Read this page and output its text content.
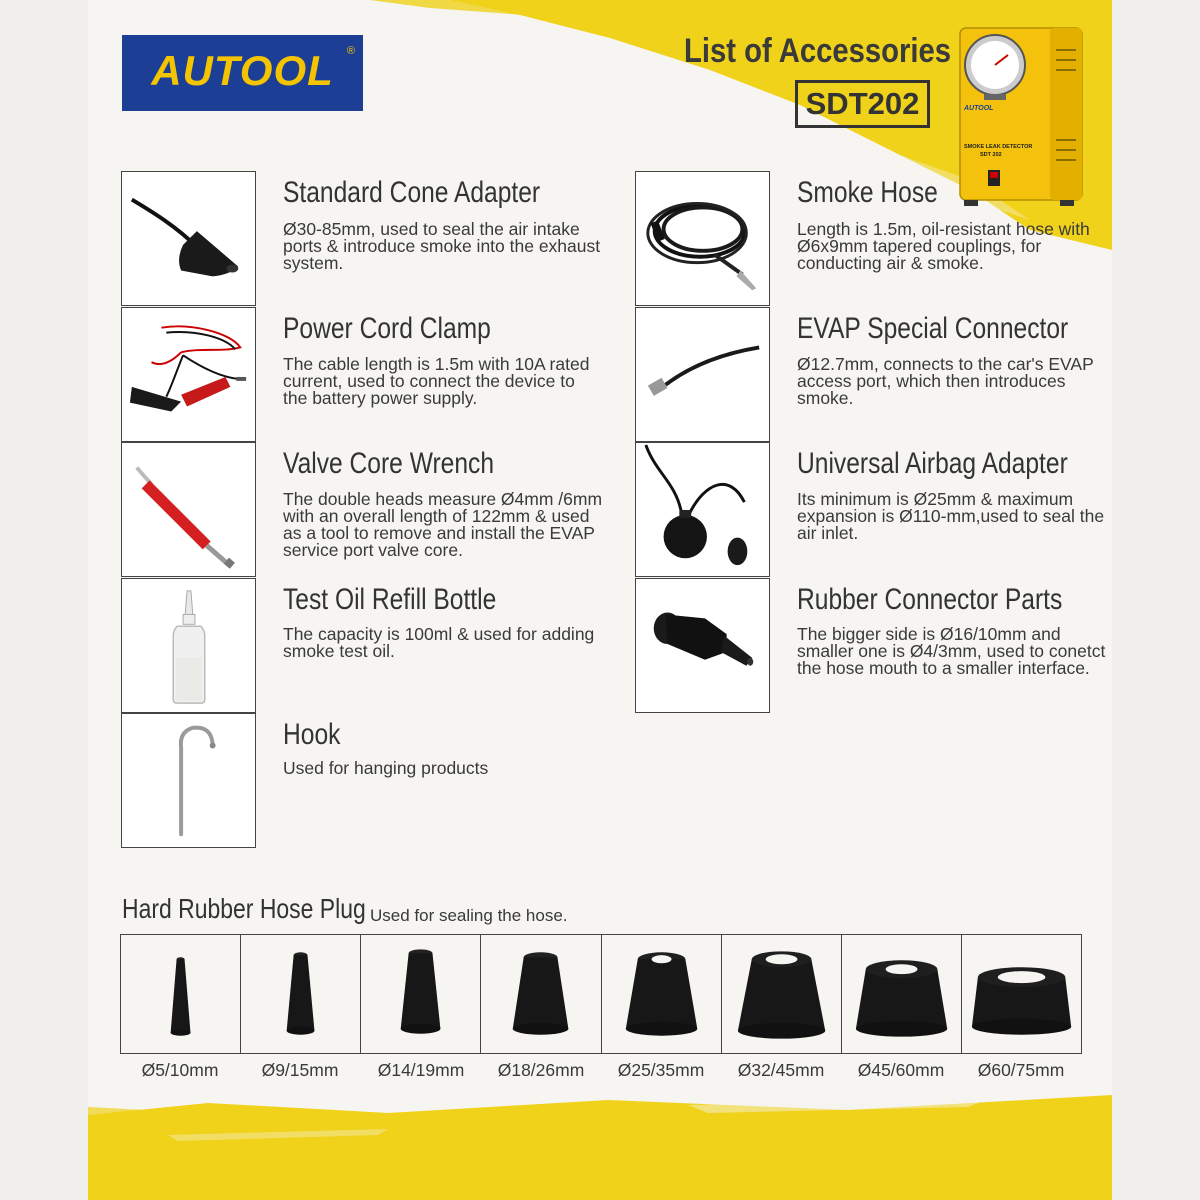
AUTOOL	®	List of Accessories
SDT202	AUTOOL
SMOKE LEAK DETECTOR
SDT 202
Standard Cone Adapter
Ø30-85mm, used to seal the air intake ports & introduce smoke into the exhaust system.
Power Cord Clamp
The cable length is 1.5m with 10A rated current, used to connect the device to the battery power supply.
Valve Core Wrench
The double heads measure Ø4mm /6mm with an overall length of 122mm & used as a tool to remove and install the EVAP service port valve core.
Test Oil Refill Bottle
The capacity is 100ml & used for adding smoke test oil.
Hook
Used for hanging products
Smoke Hose
Length is 1.5m, oil-resistant hose with Ø6x9mm tapered couplings, for conducting air & smoke.
EVAP Special Connector
Ø12.7mm, connects to the car's EVAP access port, which then introduces smoke.
Universal Airbag Adapter
Its minimum is Ø25mm & maximum expansion is Ø110-mm,used to seal the air inlet.
Rubber Connector Parts
The bigger side is Ø16/10mm and smaller one is Ø4/3mm, used to conetct the hose mouth to a smaller interface.
Hard Rubber Hose Plug Used for sealing the hose.
Ø5/10mm	Ø9/15mm	Ø14/19mm	Ø18/26mm	Ø25/35mm	Ø32/45mm	Ø45/60mm	Ø60/75mm
